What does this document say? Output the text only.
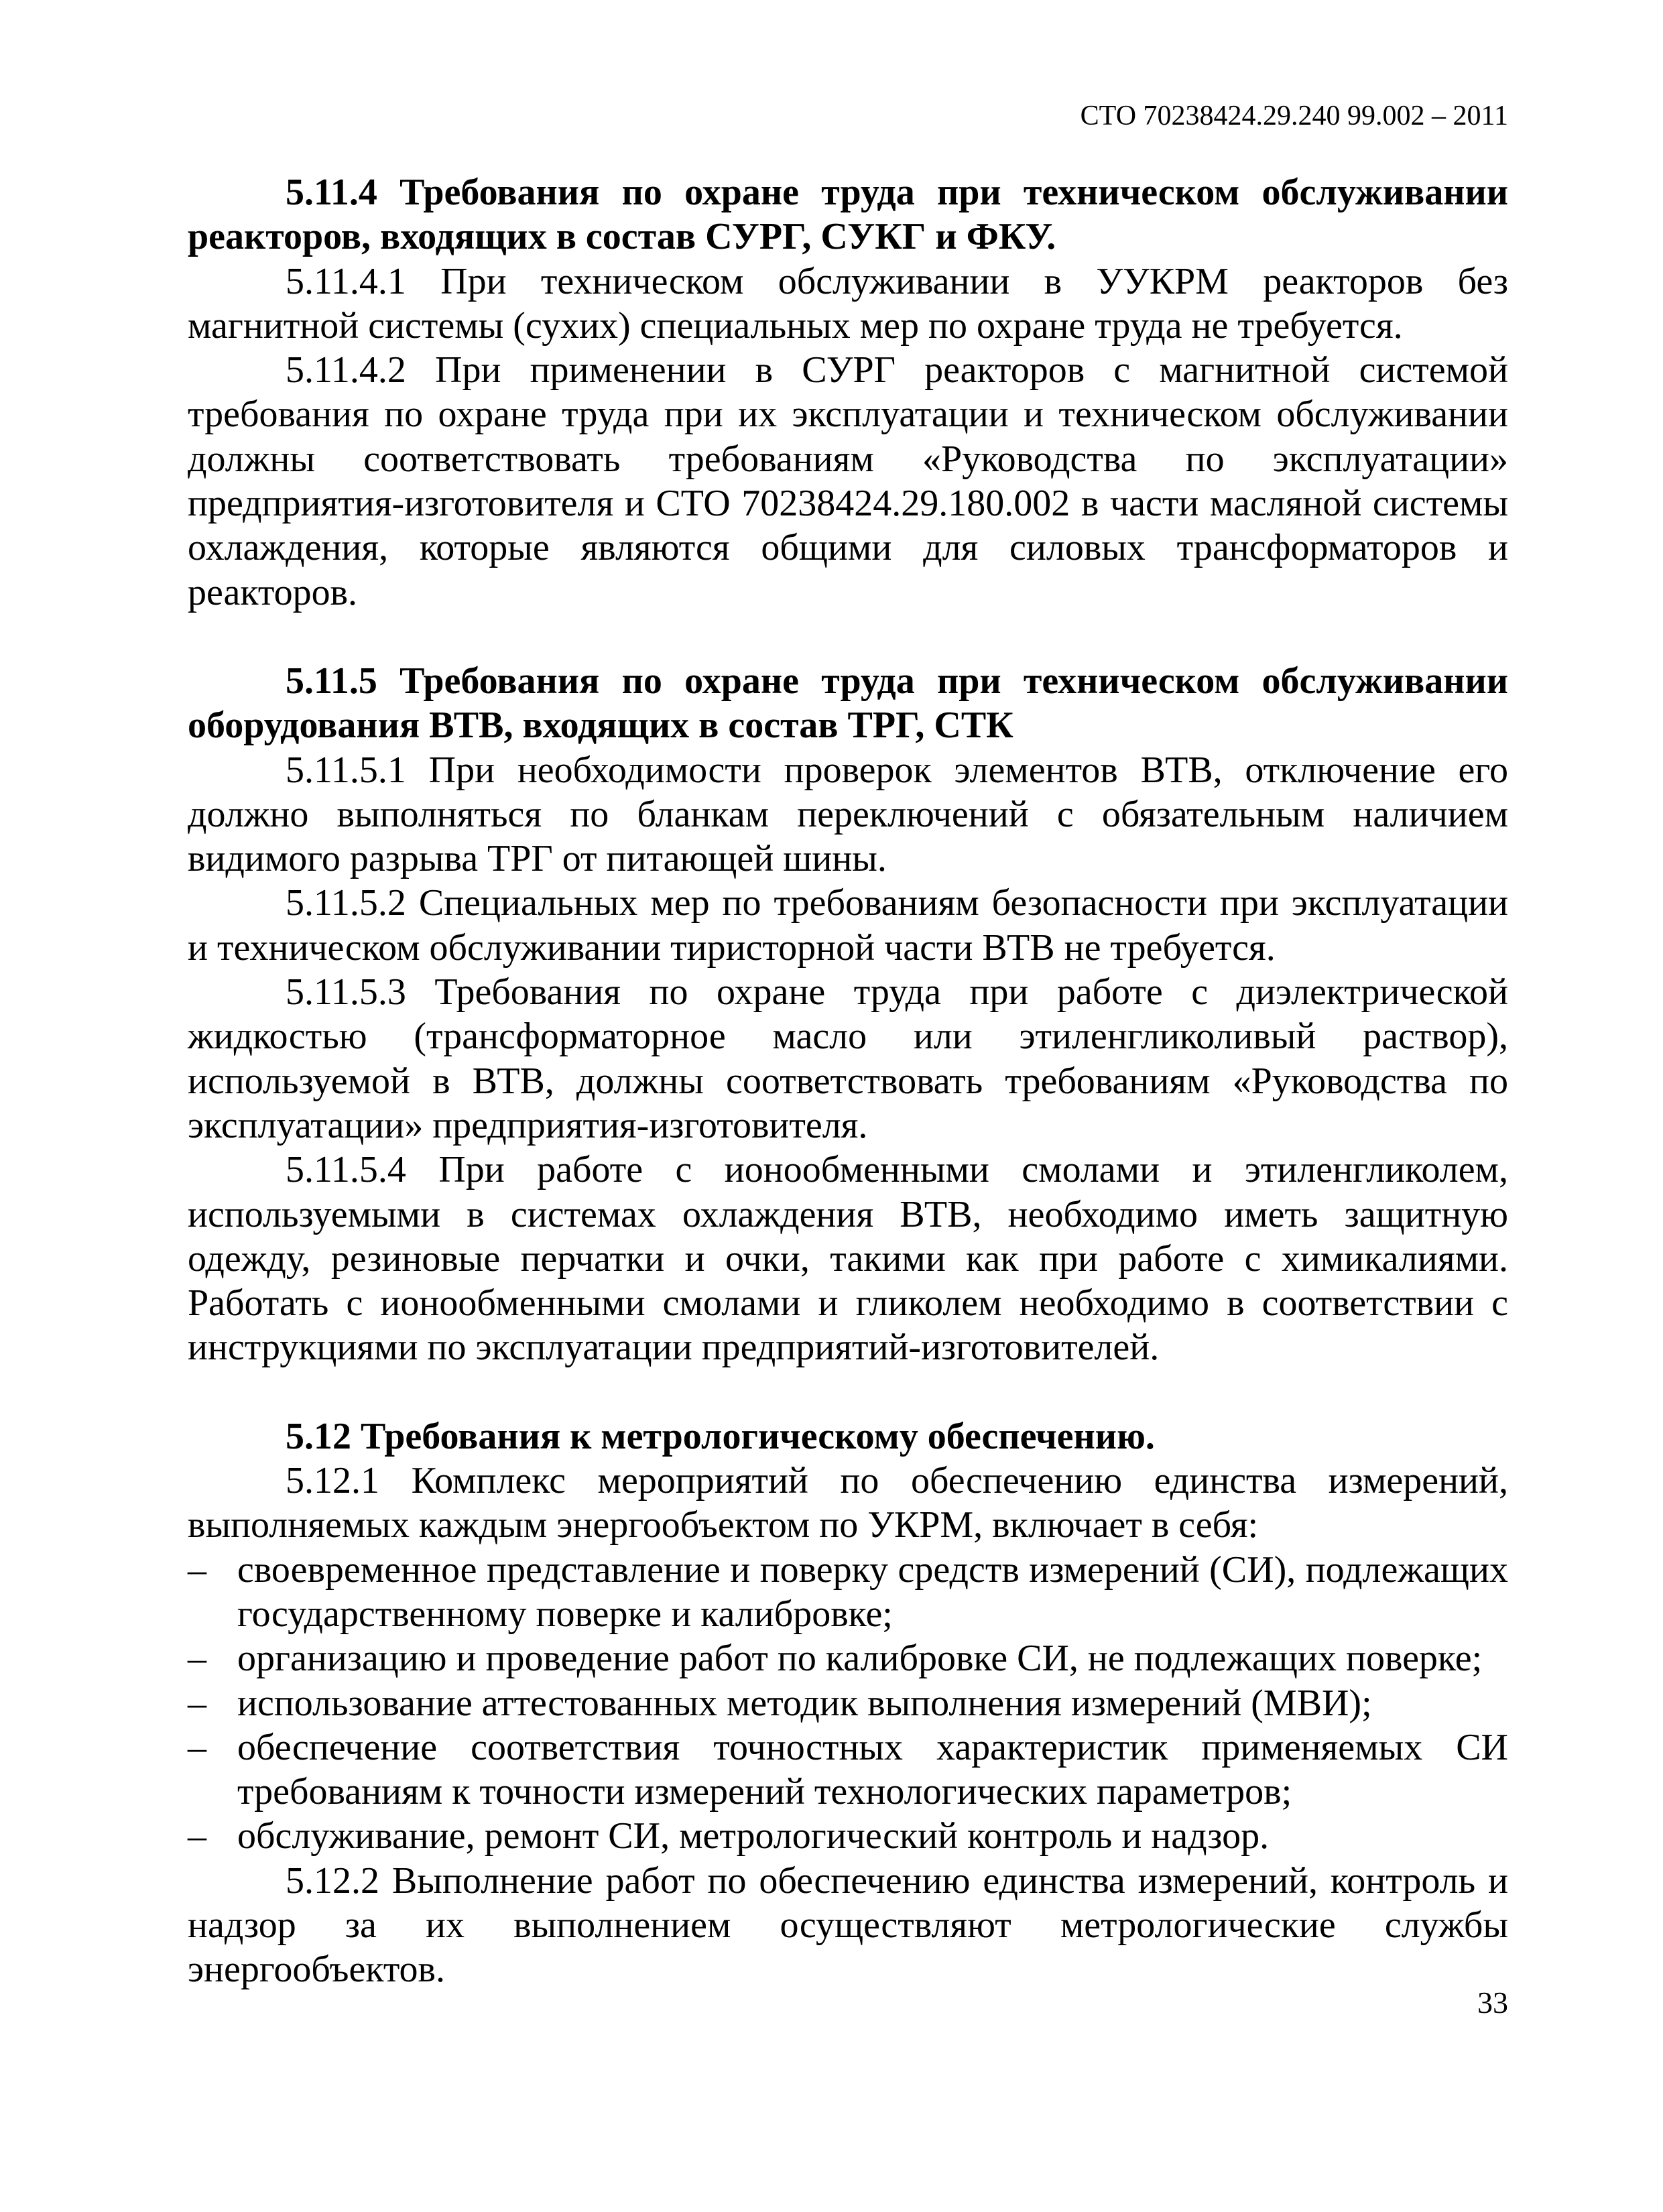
СТО 70238424.29.240 99.002 – 2011

5.11.4 Требования по охране труда при техническом обслуживании реакторов, входящих в состав СУРГ, СУКГ и ФКУ.

5.11.4.1 При техническом обслуживании в УУКРМ реакторов без магнитной системы (сухих) специальных мер по охране труда не требуется.

5.11.4.2 При применении в СУРГ реакторов с магнитной системой требования по охране труда при их эксплуатации и техническом обслуживании должны соответствовать требованиям «Руководства по эксплуатации» предприятия-изготовителя и СТО 70238424.29.180.002 в части масляной системы охлаждения, которые являются общими для силовых трансформаторов и реакторов.

5.11.5 Требования по охране труда при техническом обслуживании оборудования ВТВ, входящих в состав ТРГ, СТК

5.11.5.1 При необходимости проверок элементов ВТВ, отключение его должно выполняться по бланкам переключений с обязательным наличием видимого разрыва ТРГ от питающей шины.

5.11.5.2 Специальных мер по требованиям безопасности при эксплуатации и техническом обслуживании тиристорной части ВТВ не требуется.

5.11.5.3 Требования по охране труда при работе с диэлектрической жидкостью (трансформаторное масло или этиленгликоливый раствор), используемой в ВТВ, должны соответствовать требованиям «Руководства по эксплуатации» предприятия-изготовителя.

5.11.5.4 При работе с ионообменными смолами и этиленгликолем, используемыми в системах охлаждения ВТВ, необходимо иметь защитную одежду, резиновые перчатки и очки, такими как при работе с химикалиями. Работать с ионообменными смолами и гликолем необходимо в соответствии с инструкциями по эксплуатации предприятий-изготовителей.

5.12 Требования к метрологическому обеспечению.

5.12.1 Комплекс мероприятий по обеспечению единства измерений, выполняемых каждым энергообъектом по УКРМ, включает в себя:

– своевременное представление и поверку средств измерений (СИ), подлежащих государственному поверке и калибровке;
– организацию и проведение работ по калибровке СИ, не подлежащих поверке;
– использование аттестованных методик выполнения измерений (МВИ);
– обеспечение соответствия точностных характеристик применяемых СИ требованиям к точности измерений технологических параметров;
– обслуживание, ремонт СИ, метрологический контроль и надзор.

5.12.2 Выполнение работ по обеспечению единства измерений, контроль и надзор за их выполнением осуществляют метрологические службы энергообъектов.

33
